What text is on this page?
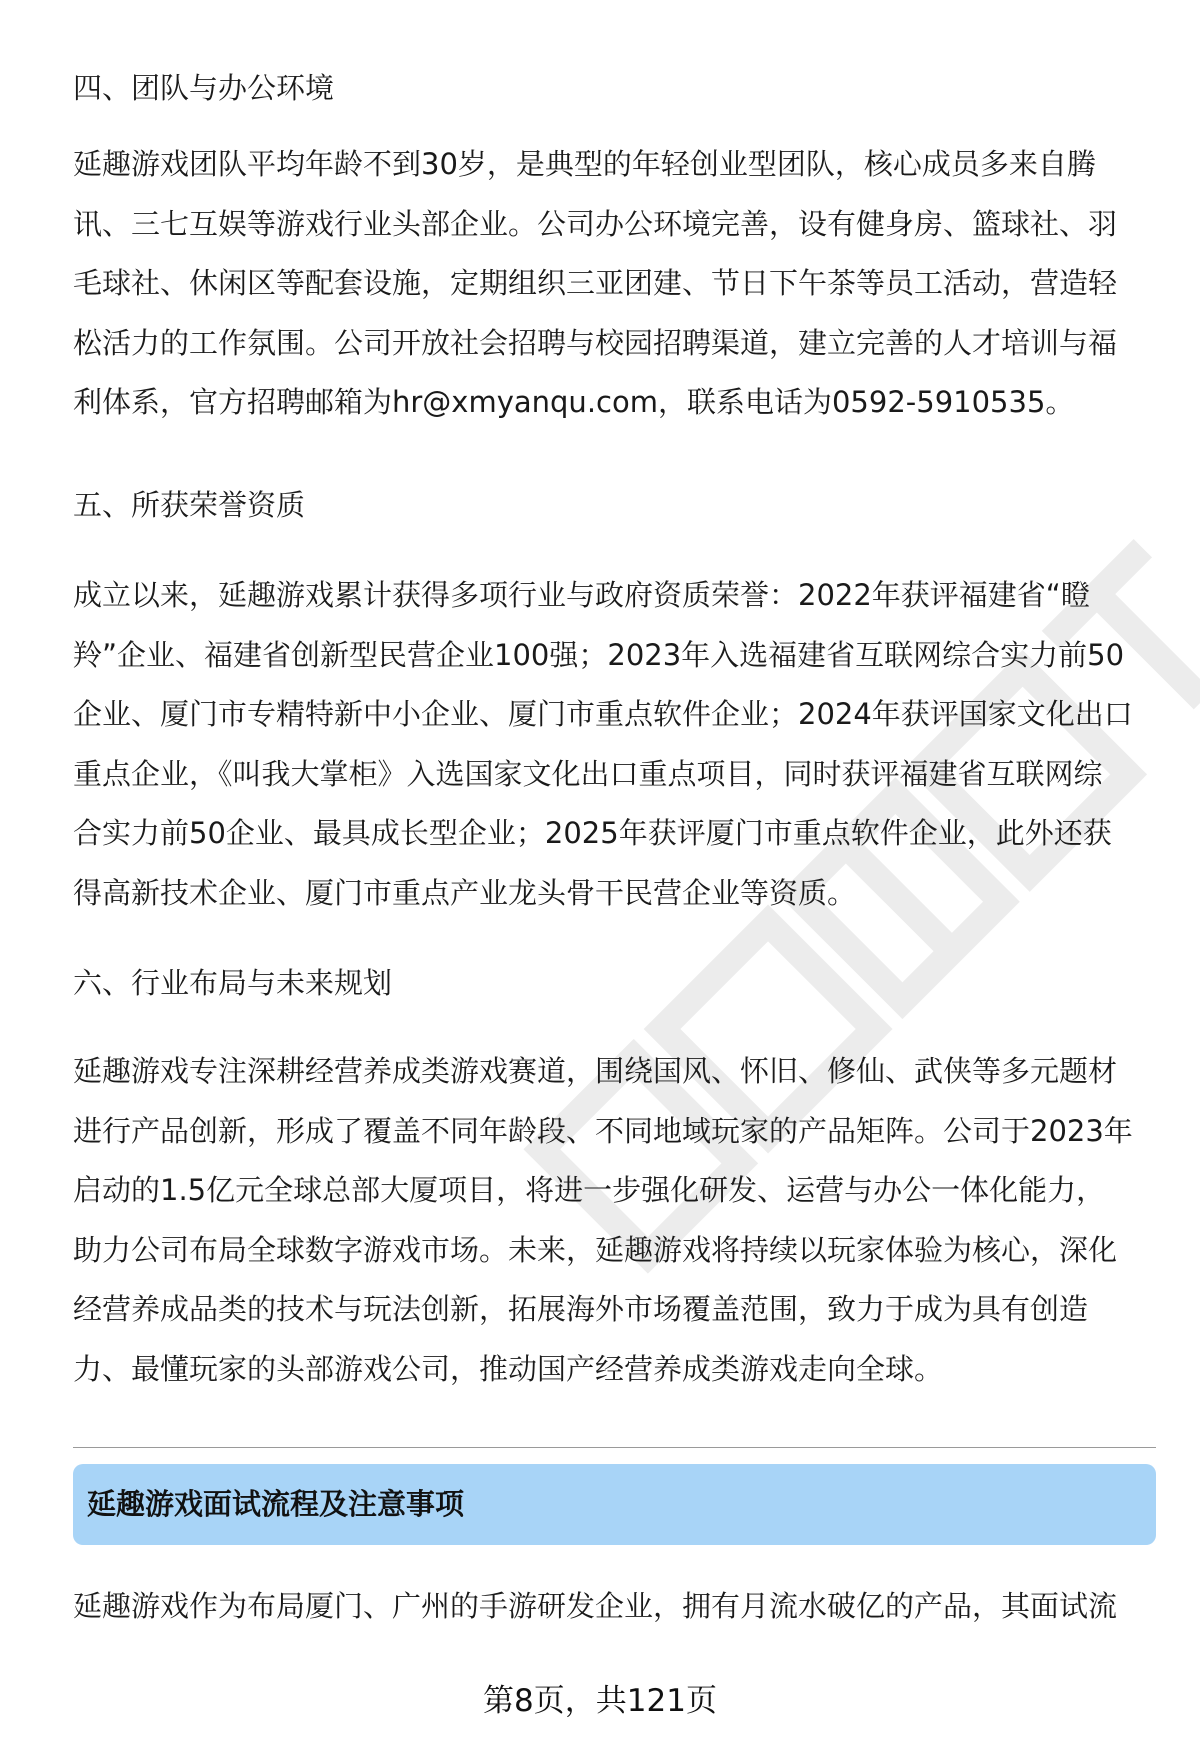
四、团队与办公环境
延趣游戏团队平均年龄不到30岁，是典型的年轻创业型团队，核心成员多来自腾
讯、三七互娱等游戏行业头部企业。公司办公环境完善，设有健身房、篮球社、羽
毛球社、休闲区等配套设施，定期组织三亚团建、节日下午茶等员工活动，营造轻
松活力的工作氛围。公司开放社会招聘与校园招聘渠道，建立完善的人才培训与福
利体系，官方招聘邮箱为hr@xmyanqu.com，联系电话为0592-5910535。
五、所获荣誉资质
成立以来，延趣游戏累计获得多项行业与政府资质荣誉：2022年获评福建省“瞪
羚”企业、福建省创新型民营企业100强；2023年入选福建省互联网综合实力前50
企业、厦门市专精特新中小企业、厦门市重点软件企业；2024年获评国家文化出口
重点企业，《叫我大掌柜》入选国家文化出口重点项目，同时获评福建省互联网综
合实力前50企业、最具成长型企业；2025年获评厦门市重点软件企业，此外还获
得高新技术企业、厦门市重点产业龙头骨干民营企业等资质。
六、行业布局与未来规划
延趣游戏专注深耕经营养成类游戏赛道，围绕国风、怀旧、修仙、武侠等多元题材
进行产品创新，形成了覆盖不同年龄段、不同地域玩家的产品矩阵。公司于2023年
启动的1.5亿元全球总部大厦项目，将进一步强化研发、运营与办公一体化能力，
助力公司布局全球数字游戏市场。未来，延趣游戏将持续以玩家体验为核心，深化
经营养成品类的技术与玩法创新，拓展海外市场覆盖范围，致力于成为具有创造
力、最懂玩家的头部游戏公司，推动国产经营养成类游戏走向全球。
延趣游戏面试流程及注意事项
延趣游戏作为布局厦门、广州的手游研发企业，拥有月流水破亿的产品，其面试流
第8页，共121页
